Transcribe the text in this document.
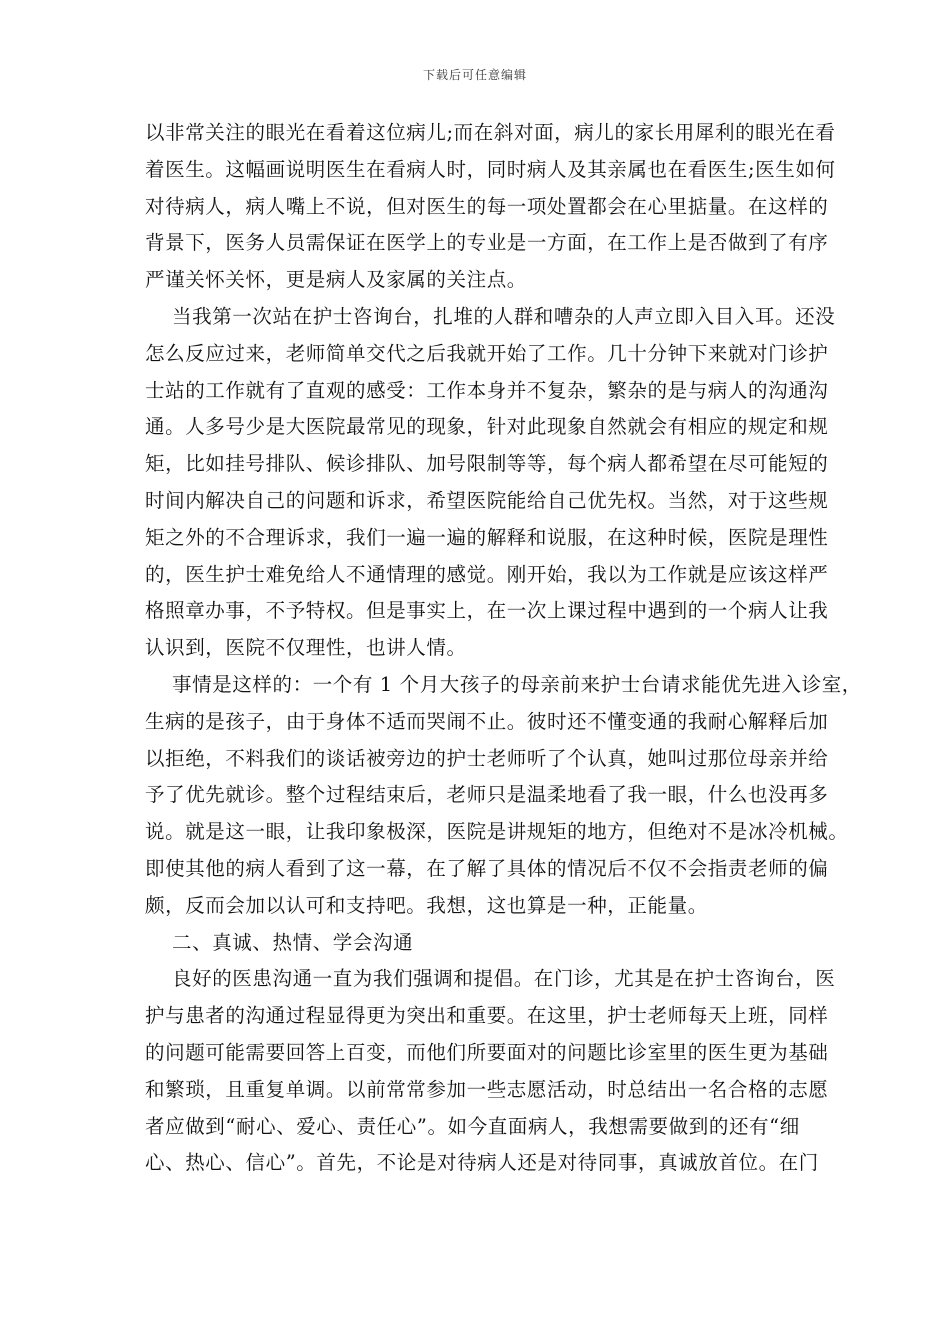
下载后可任意编辑
以非常关注的眼光在看着这位病儿;而在斜对面，病儿的家长用犀利的眼光在看
着医生。这幅画说明医生在看病人时，同时病人及其亲属也在看医生;医生如何
对待病人，病人嘴上不说，但对医生的每一项处置都会在心里掂量。在这样的
背景下，医务人员需保证在医学上的专业是一方面，在工作上是否做到了有序
严谨关怀关怀，更是病人及家属的关注点。
当我第一次站在护士咨询台，扎堆的人群和嘈杂的人声立即入目入耳。还没
怎么反应过来，老师简单交代之后我就开始了工作。几十分钟下来就对门诊护
士站的工作就有了直观的感受：工作本身并不复杂，繁杂的是与病人的沟通沟
通。人多号少是大医院最常见的现象，针对此现象自然就会有相应的规定和规
矩，比如挂号排队、候诊排队、加号限制等等，每个病人都希望在尽可能短的
时间内解决自己的问题和诉求，希望医院能给自己优先权。当然，对于这些规
矩之外的不合理诉求，我们一遍一遍的解释和说服，在这种时候，医院是理性
的，医生护士难免给人不通情理的感觉。刚开始，我以为工作就是应该这样严
格照章办事，不予特权。但是事实上，在一次上课过程中遇到的一个病人让我
认识到，医院不仅理性，也讲人情。
事情是这样的：一个有 1 个月大孩子的母亲前来护士台请求能优先进入诊室，
生病的是孩子，由于身体不适而哭闹不止。彼时还不懂变通的我耐心解释后加
以拒绝，不料我们的谈话被旁边的护士老师听了个认真，她叫过那位母亲并给
予了优先就诊。整个过程结束后，老师只是温柔地看了我一眼，什么也没再多
说。就是这一眼，让我印象极深，医院是讲规矩的地方，但绝对不是冰冷机械。
即使其他的病人看到了这一幕，在了解了具体的情况后不仅不会指责老师的偏
颇，反而会加以认可和支持吧。我想，这也算是一种，正能量。
二、真诚、热情、学会沟通
良好的医患沟通一直为我们强调和提倡。在门诊，尤其是在护士咨询台，医
护与患者的沟通过程显得更为突出和重要。在这里，护士老师每天上班，同样
的问题可能需要回答上百变，而他们所要面对的问题比诊室里的医生更为基础
和繁琐，且重复单调。以前常常参加一些志愿活动，时总结出一名合格的志愿
者应做到“耐心、爱心、责任心”。如今直面病人，我想需要做到的还有“细
心、热心、信心”。首先，不论是对待病人还是对待同事，真诚放首位。在门
